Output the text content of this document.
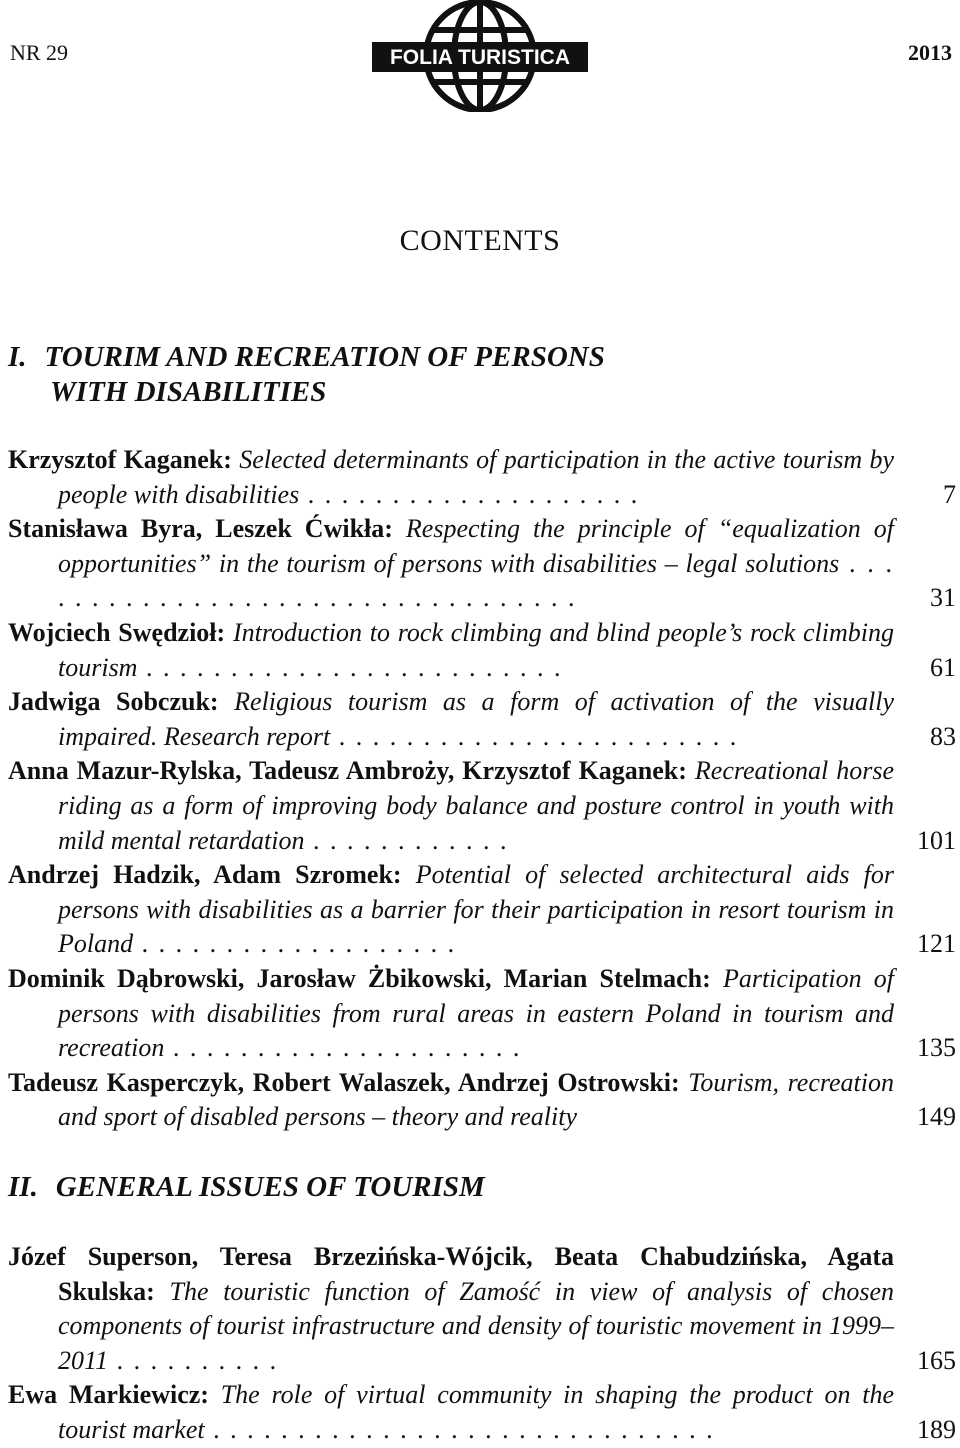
NR 29	FOLIA TURISTICA	2013
CONTENTS
I. TOURIM AND RECREATION OF PERSONS
WITH DISABILITIES
Krzysztof Kaganek: Selected determinants of participation in the active tourism by people with disabilities . . . . . . . . . . . . . . . . . . . .	7
Stanisława Byra, Leszek Ćwikła: Respecting the principle of “equalization of opportunities” in the tourism of persons with disabilities – legal solutions . . . . . . . . . . . . . . . . . . . . . . . . . . . . . . . . . .	31
Wojciech Swędzioł: Introduction to rock climbing and blind people’s rock climbing tourism . . . . . . . . . . . . . . . . . . . . . . . . .	61
Jadwiga Sobczuk: Religious tourism as a form of activation of the visually impaired. Research report . . . . . . . . . . . . . . . . . . . . . . . .	83
Anna Mazur-Rylska, Tadeusz Ambroży, Krzysztof Kaganek: Recreational horse riding as a form of improving body balance and posture control in youth with mild mental retardation . . . . . . . . . . . .	101
Andrzej Hadzik, Adam Szromek: Potential of selected architectural aids for persons with disabilities as a barrier for their participation in resort tourism in Poland . . . . . . . . . . . . . . . . . . .	121
Dominik Dąbrowski, Jarosław Żbikowski, Marian Stelmach: Participation of persons with disabilities from rural areas in eastern Poland in tourism and recreation . . . . . . . . . . . . . . . . . . . . .	135
Tadeusz Kasperczyk, Robert Walaszek, Andrzej Ostrowski: Tourism, recreation and sport of disabled persons – theory and reality	149
II. GENERAL ISSUES OF TOURISM
Józef Superson, Teresa Brzezińska-Wójcik, Beata Chabudzińska, Agata Skulska: The touristic function of Zamość in view of analysis of chosen components of tourist infrastructure and density of touristic movement in 1999–2011 . . . . . . . . . .	165
Ewa Markiewicz: The role of virtual community in shaping the product on the tourist market . . . . . . . . . . . . . . . . . . . . . . . . . . . . . .	189
